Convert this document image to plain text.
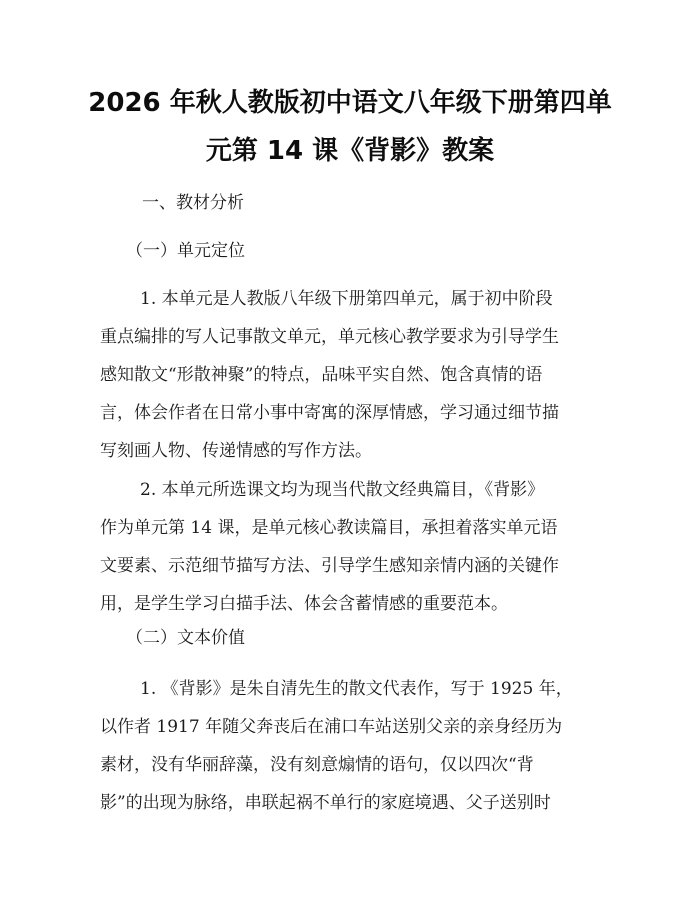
2026 年秋人教版初中语文八年级下册第四单
元第 14 课《背影》教案
一、教材分析
（一）单元定位
1. 本单元是人教版八年级下册第四单元，属于初中阶段
重点编排的写人记事散文单元，单元核心教学要求为引导学生
感知散文“形散神聚”的特点，品味平实自然、饱含真情的语
言，体会作者在日常小事中寄寓的深厚情感，学习通过细节描
写刻画人物、传递情感的写作方法。
2. 本单元所选课文均为现当代散文经典篇目，《背影》
作为单元第 14 课，是单元核心教读篇目，承担着落实单元语
文要素、示范细节描写方法、引导学生感知亲情内涵的关键作
用，是学生学习白描手法、体会含蓄情感的重要范本。
（二）文本价值
1. 《背影》是朱自清先生的散文代表作，写于 1925 年，
以作者 1917 年随父奔丧后在浦口车站送别父亲的亲身经历为
素材，没有华丽辞藻，没有刻意煽情的语句，仅以四次“背
影”的出现为脉络，串联起祸不单行的家庭境遇、父子送别时
